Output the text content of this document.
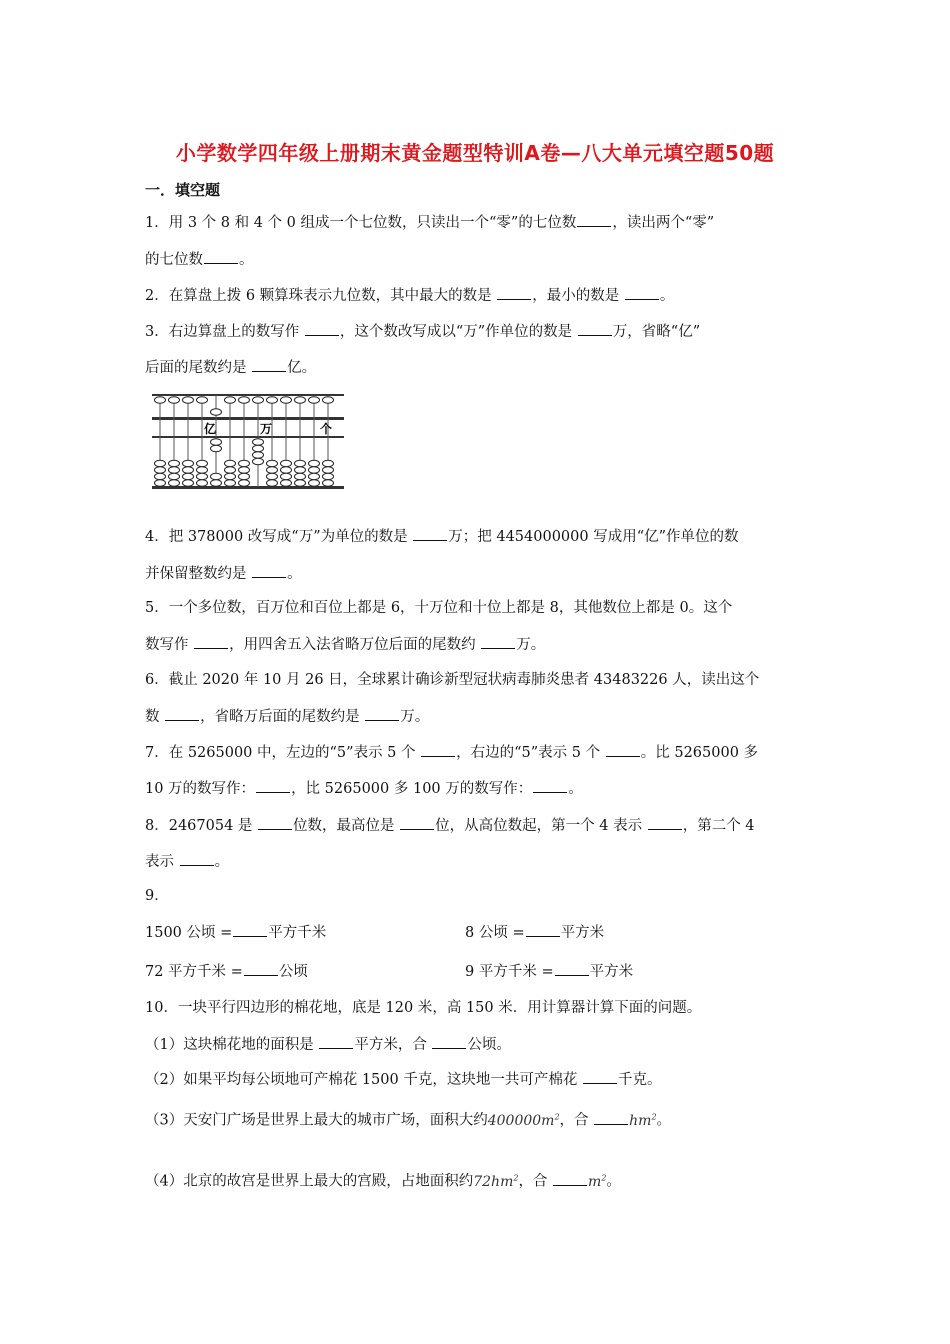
小学数学四年级上册期末黄金题型特训A卷—八大单元填空题50题
一．填空题
1．用 3 个 8 和 4 个 0 组成一个七位数，只读出一个“零”的七位数 ，读出两个“零”
的七位数 。
2．在算盘上拨 6 颗算珠表示九位数，其中最大的数是 ，最小的数是 。
3．右边算盘上的数写作 ，这个数改写成以“万”作单位的数是 万，省略“亿”
后面的尾数约是 亿。
亿	万	个
4．把 378000 改写成“万”为单位的数是 万；把 4454000000 写成用“亿”作单位的数
并保留整数约是 。
5．一个多位数，百万位和百位上都是 6，十万位和十位上都是 8，其他数位上都是 0。这个
数写作 ，用四舍五入法省略万位后面的尾数约 万。
6．截止 2020 年 10 月 26 日，全球累计确诊新型冠状病毒肺炎患者 43483226 人，读出这个
数 ，省略万后面的尾数约是 万。
7．在 5265000 中，左边的“5”表示 5 个 ，右边的“5”表示 5 个 。比 5265000 多
10 万的数写作： ，比 5265000 多 100 万的数写作： 。
8．2467054 是 位数，最高位是 位，从高位数起，第一个 4 表示 ，第二个 4
表示 。
9．
1500 公顷 = 平方千米	8 公顷 = 平方米
72 平方千米 = 公顷	9 平方千米 = 平方米
10．一块平行四边形的棉花地，底是 120 米，高 150 米．用计算器计算下面的问题。
（1）这块棉花地的面积是 平方米，合 公顷。
（2）如果平均每公顷地可产棉花 1500 千克，这块地一共可产棉花 千克。
（3）天安门广场是世界上最大的城市广场，面积大约$400000m^2$，合	$hm^2$。
（4）北京的故宫是世界上最大的宫殿，占地面积约$72hm^2$，合	$m^2$。
